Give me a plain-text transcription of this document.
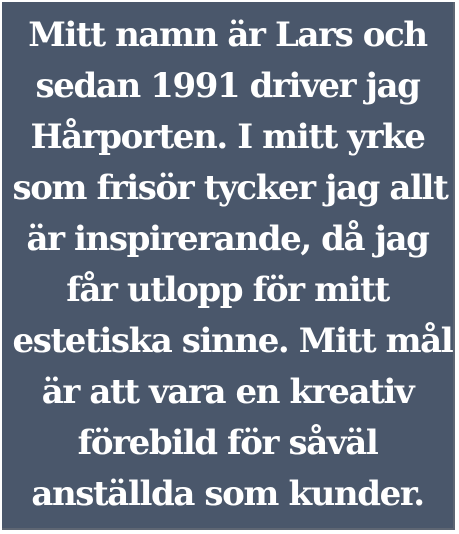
Mitt namn är Lars och
sedan 1991 driver jag
Hårporten. I mitt yrke
som frisör tycker jag allt
är inspirerande, då jag
får utlopp för mitt
estetiska sinne. Mitt mål
är att vara en kreativ
förebild för såväl
anställda som kunder.
